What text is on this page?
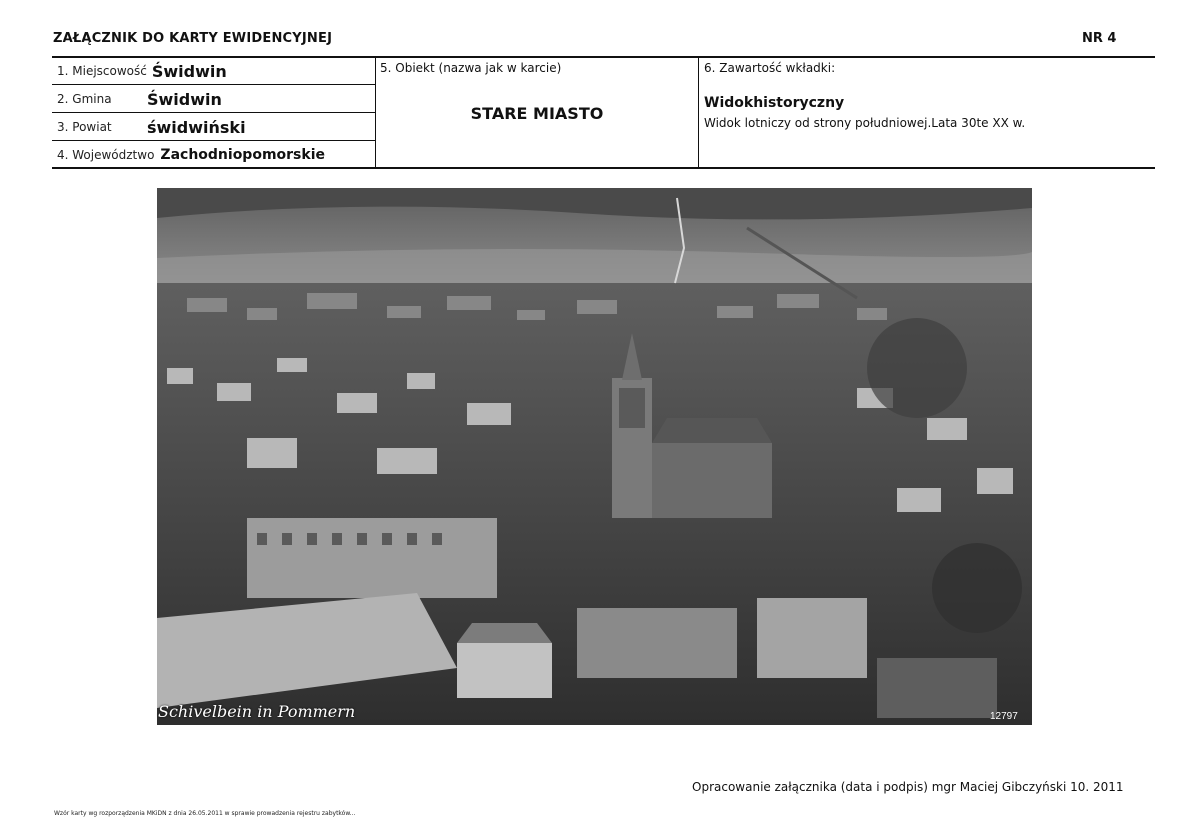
ZAŁĄCZNIK DO KARTY EWIDENCYJNEJ	NR 4
1. Miejscowość Świdwin
2. Gmina Świdwin
3. Powiat świdwiński
4. Województwo Zachodniopomorskie
5. Obiekt (nazwa jak w karcie)
STARE MIASTO
6. Zawartość wkładki:
Widokhistoryczny
Widok lotniczy od strony południowej.Lata 30te XX w.
Schivelbein in Pommern	12797
Opracowanie załącznika (data i podpis) mgr Maciej Gibczyński 10. 2011
Wzór karty wg rozporządzenia MKiDN z dnia 26.05.2011 w sprawie prowadzenia rejestru zabytków...
